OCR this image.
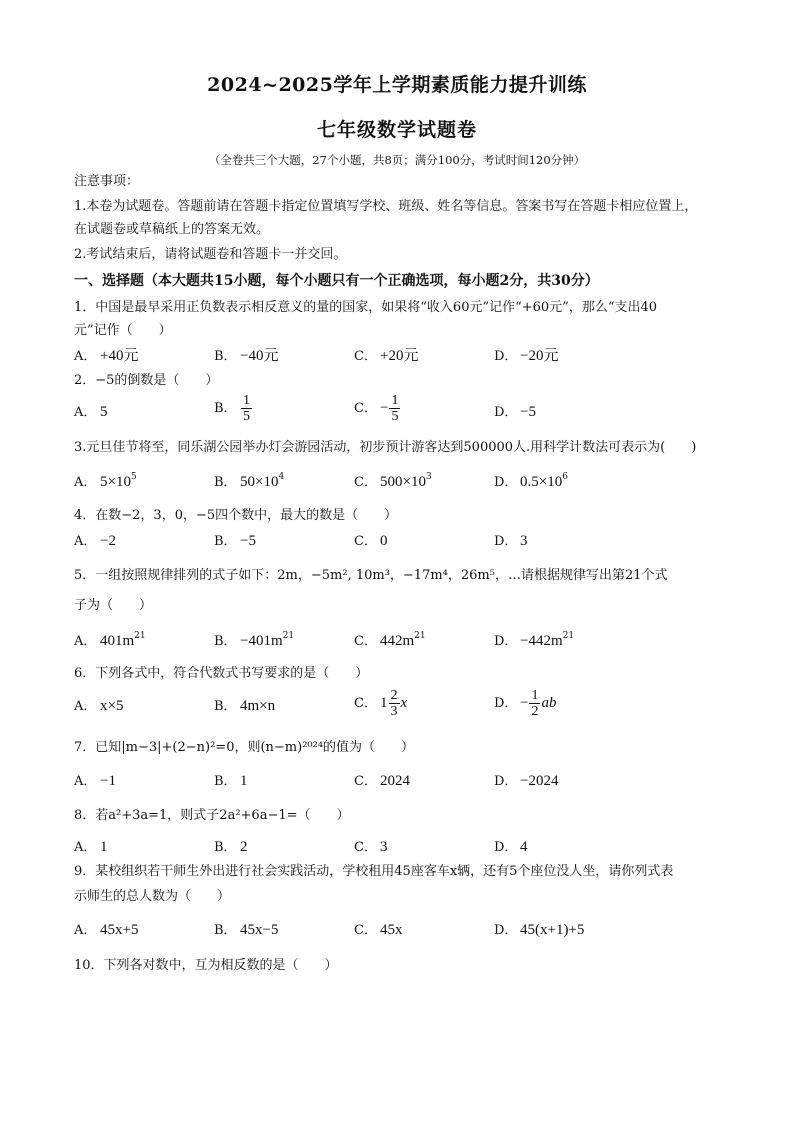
2024~2025学年上学期素质能力提升训练
七年级数学试题卷
（全卷共三个大题，27个小题，共8页；满分100分，考试时间120分钟）
注意事项：
1.本卷为试题卷。答题前请在答题卡指定位置填写学校、班级、姓名等信息。答案书写在答题卡相应位置上，
在试题卷或草稿纸上的答案无效。
2.考试结束后，请将试题卷和答题卡一并交回。
一、选择题（本大题共15小题，每个小题只有一个正确选项，每小题2分，共30分）
1．中国是最早采用正负数表示相反意义的量的国家，如果将“收入60元”记作“+60元”，那么“支出40
元”记作（　　）
A． +40元	B． −40元	C． +20元	D． −20元
2．−5的倒数是（　　）
A． 5	B． $\frac{1}{5}$	C． − $\frac{1}{5}$	D． −5
3.元旦佳节将至，同乐湖公园举办灯会游园活动，初步预计游客达到500000人.用科学计数法可表示为(　　)
A． $5\times 10^5$	B． $50\times 10^4$	C． $500\times 10^3$	D． $0.5\times 10^6$
4．在数−2，3，0，−5四个数中，最大的数是（　　）
A． −2	B． −5	C． 0	D． 3
5．一组按照规律排列的式子如下：2m，−5m², 10m³，−17m⁴，26m⁵，…请根据规律写出第21个式
子为（　　）
A． $401m^{21}$	B． $-401m^{21}$	C． $442m^{21}$	D． $-442m^{21}$
6．下列各式中，符合代数式书写要求的是（　　）
A． x×5	B． 4m×n	C． $1 \frac{2}{3}$ x	D． − $\frac{1}{2}$ ab
7．已知|m−3|+(2−n)²=0，则(n−m)²⁰²⁴的值为（　　）
A． −1	B． 1	C． 2024	D． −2024
8．若a²+3a=1，则式子2a²+6a−1=（　　）
A． 1	B． 2	C． 3	D． 4
9．某校组织若干师生外出进行社会实践活动，学校租用45座客车x辆，还有5个座位没人坐，请你列式表
示师生的总人数为（　　）
A． 45x+5	B． 45x−5	C． 45x	D． 45(x+1)+5
10．下列各对数中，互为相反数的是（　　）
